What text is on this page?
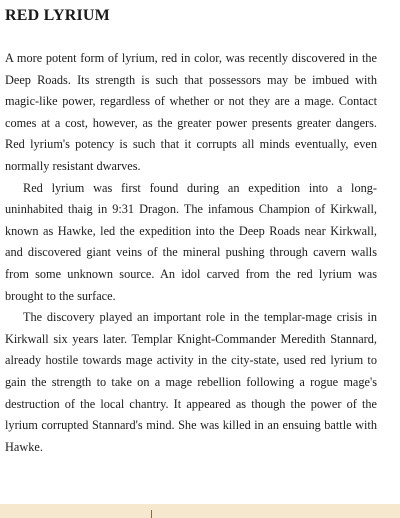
RED LYRIUM

A more potent form of lyrium, red in color, was recently discovered in the Deep Roads. Its strength is such that possessors may be imbued with magic-like power, regardless of whether or not they are a mage. Contact comes at a cost, however, as the greater power presents greater dangers. Red lyrium's potency is such that it corrupts all minds eventually, even normally resistant dwarves.

Red lyrium was first found during an expedition into a long-uninhabited thaig in 9:31 Dragon. The infamous Champion of Kirkwall, known as Hawke, led the expedition into the Deep Roads near Kirkwall, and discovered giant veins of the mineral pushing through cavern walls from some unknown source. An idol carved from the red lyrium was brought to the surface.

The discovery played an important role in the templar-mage crisis in Kirkwall six years later. Templar Knight-Commander Meredith Stannard, already hostile towards mage activity in the city-state, used red lyrium to gain the strength to take on a mage rebellion following a rogue mage's destruction of the local chantry. It appeared as though the power of the lyrium corrupted Stannard's mind. She was killed in an ensuing battle with Hawke.
